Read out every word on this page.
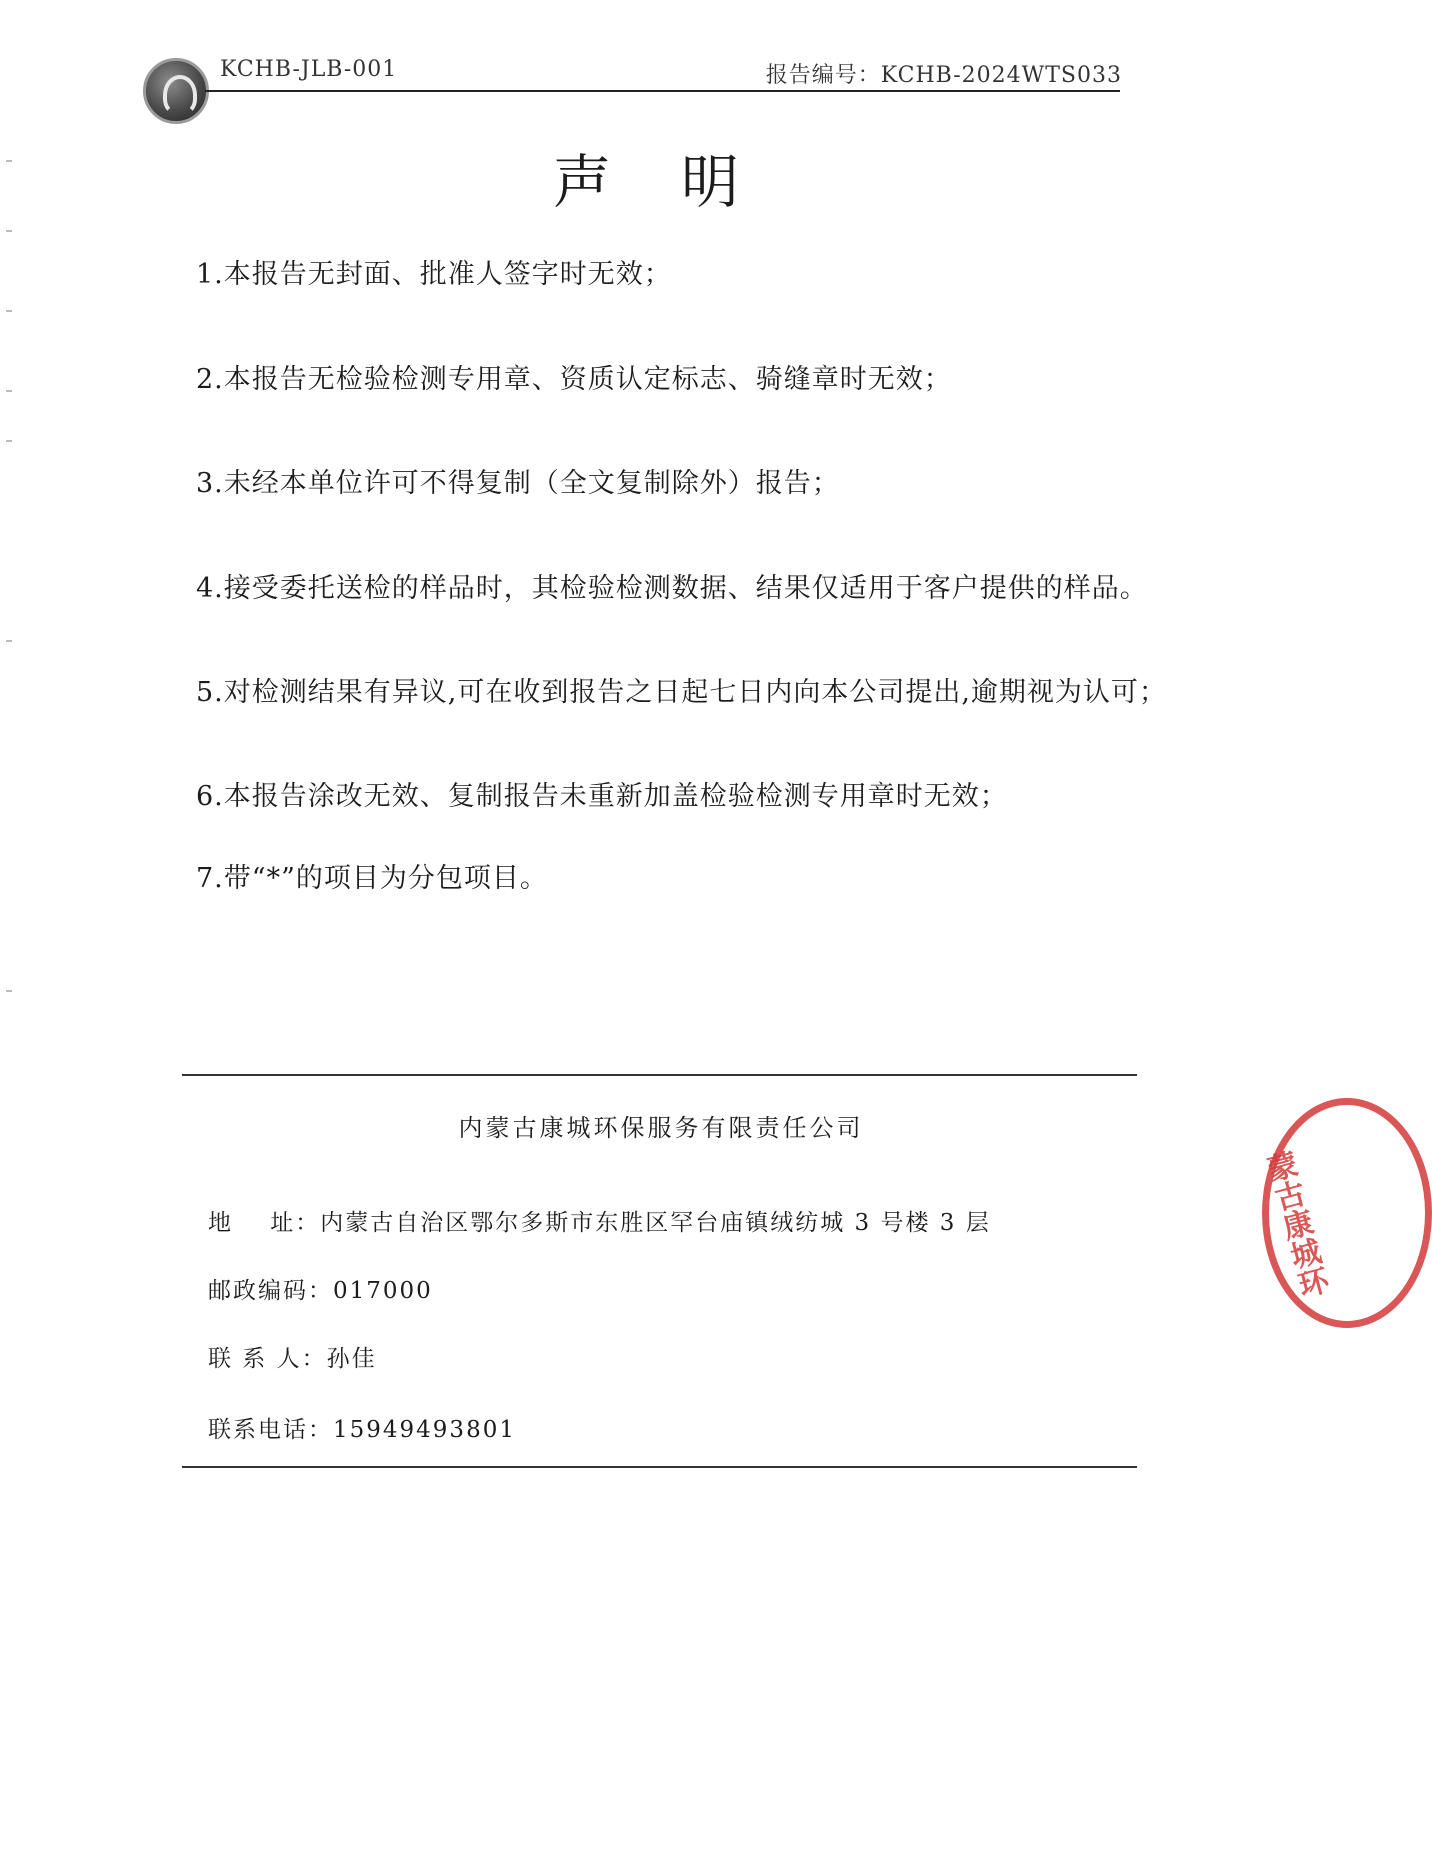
KCHB-JLB-001	报告编号：KCHB-2024WTS033
声明
1.本报告无封面、批准人签字时无效；
2.本报告无检验检测专用章、资质认定标志、骑缝章时无效；
3.未经本单位许可不得复制（全文复制除外）报告；
4.接受委托送检的样品时，其检验检测数据、结果仅适用于客户提供的样品。
5.对检测结果有异议,可在收到报告之日起七日内向本公司提出,逾期视为认可；
6.本报告涂改无效、复制报告未重新加盖检验检测专用章时无效；
7.带“*”的项目为分包项目。
内蒙古康城环保服务有限责任公司
地    址：内蒙古自治区鄂尔多斯市东胜区罕台庙镇绒纺城 3 号楼 3 层
邮政编码：017000
联 系 人：孙佳
联系电话：15949493801
蒙古康城环
